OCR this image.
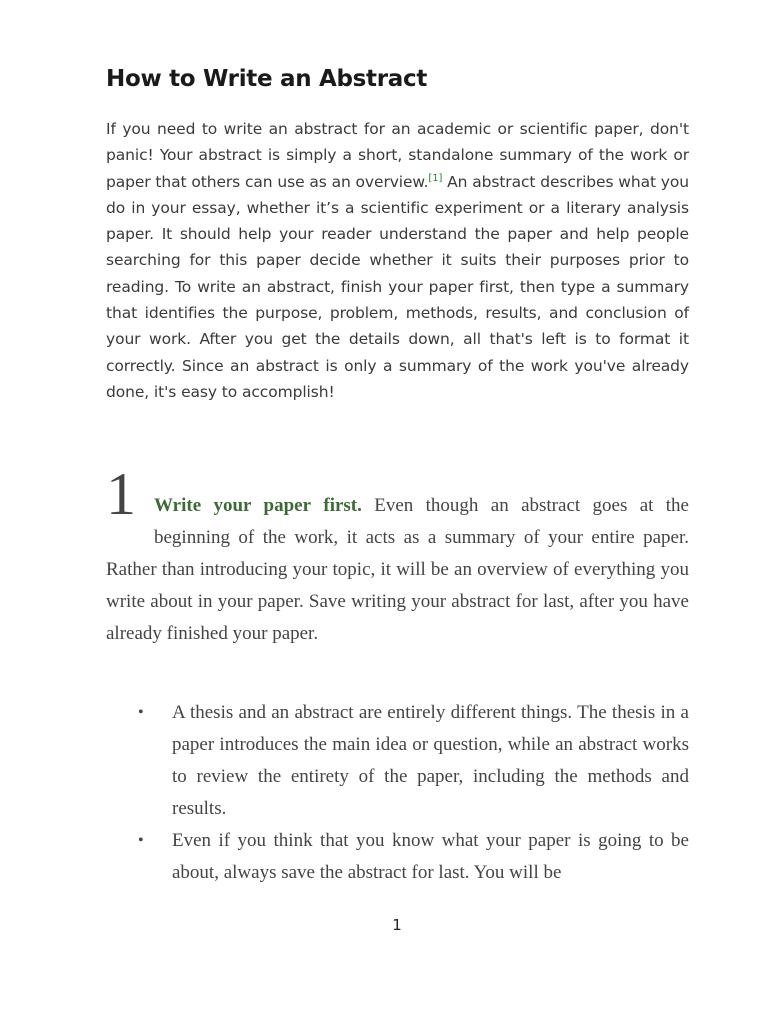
How to Write an Abstract

If you need to write an abstract for an academic or scientific paper, don't panic! Your abstract is simply a short, standalone summary of the work or paper that others can use as an overview.[1] An abstract describes what you do in your essay, whether it’s a scientific experiment or a literary analysis paper. It should help your reader understand the paper and help people searching for this paper decide whether it suits their purposes prior to reading. To write an abstract, finish your paper first, then type a summary that identifies the purpose, problem, methods, results, and conclusion of your work. After you get the details down, all that's left is to format it correctly. Since an abstract is only a summary of the work you've already done, it's easy to accomplish!

1 Write your paper first. Even though an abstract goes at the beginning of the work, it acts as a summary of your entire paper. Rather than introducing your topic, it will be an overview of everything you write about in your paper. Save writing your abstract for last, after you have already finished your paper.
• A thesis and an abstract are entirely different things. The thesis in a paper introduces the main idea or question, while an abstract works to review the entirety of the paper, including the methods and results.
• Even if you think that you know what your paper is going to be about, always save the abstract for last. You will be
1
